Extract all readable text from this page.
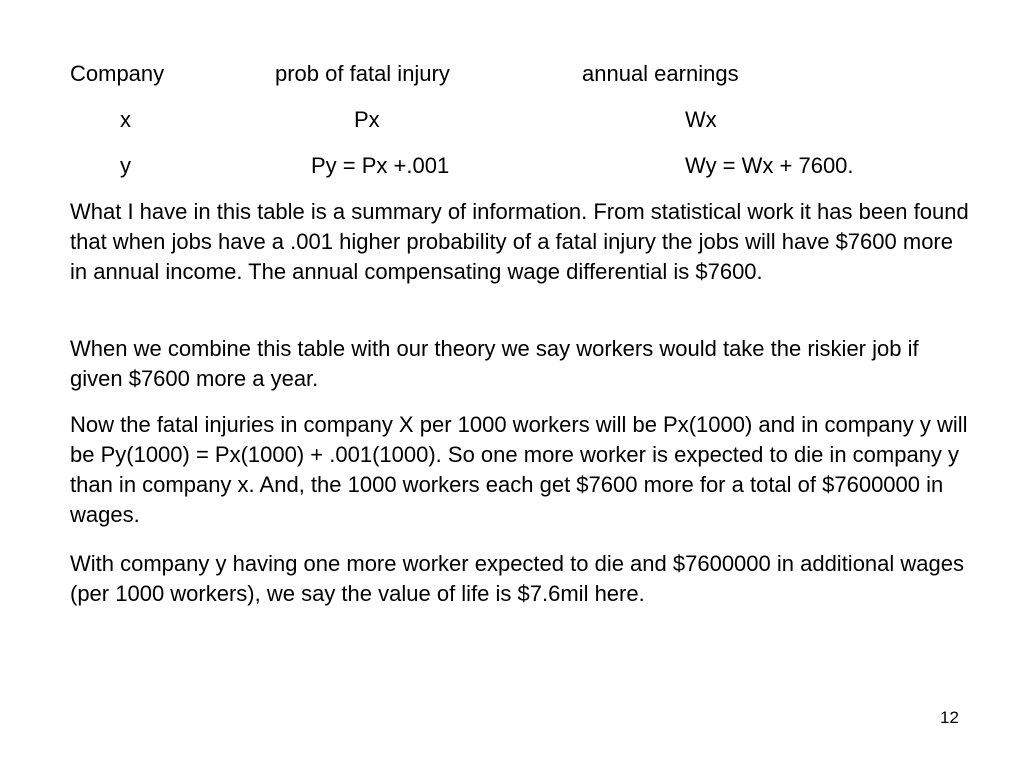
Company	prob of fatal injury	annual earnings
x	Px	Wx
y	Py = Px +.001	Wy = Wx + 7600.
What I have in this table is a summary of information. From statistical work it has been found that when jobs have a .001 higher probability of a fatal injury the jobs will have $7600 more in annual income. The annual compensating wage differential is $7600.
When we combine this table with our theory we say workers would take the riskier job if given $7600 more a year.
Now the fatal injuries in company X per 1000 workers will be Px(1000) and in company y will be Py(1000) = Px(1000) + .001(1000). So one more worker is expected to die in company y than in company x. And, the 1000 workers each get $7600 more for a total of $7600000 in wages.
With company y having one more worker expected to die and $7600000 in additional wages (per 1000 workers), we say the value of life is $7.6mil here.
12
